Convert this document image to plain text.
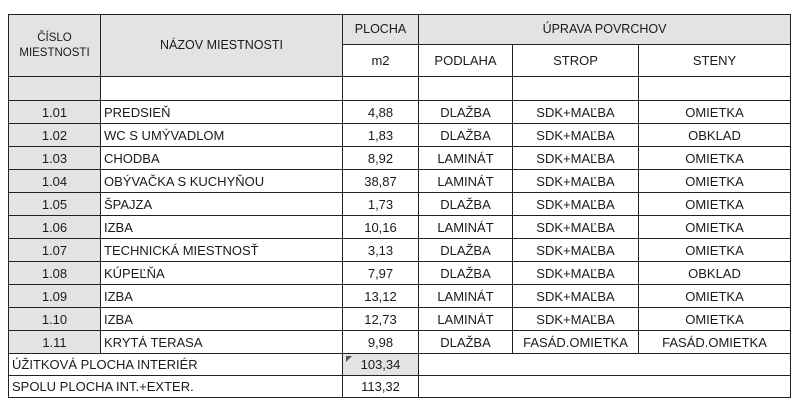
ČÍSLO
MIESTNOSTI	NÁZOV MIESTNOSTI	PLOCHA	ÚPRAVA POVRCHOV		
		m2	PODLAHA	STROP	STENY

1.01	PREDSIEŇ	4,88	DLAŽBA	SDK+MAĽBA	OMIETKA
1.02	WC S UMÝVADLOM	1,83	DLAŽBA	SDK+MAĽBA	OBKLAD
1.03	CHODBA	8,92	LAMINÁT	SDK+MAĽBA	OMIETKA
1.04	OBÝVAČKA S KUCHYŇOU	38,87	LAMINÁT	SDK+MAĽBA	OMIETKA
1.05	ŠPAJZA	1,73	DLAŽBA	SDK+MAĽBA	OMIETKA
1.06	IZBA	10,16	LAMINÁT	SDK+MAĽBA	OMIETKA
1.07	TECHNICKÁ MIESTNOSŤ	3,13	DLAŽBA	SDK+MAĽBA	OMIETKA
1.08	KÚPEĽŇA	7,97	DLAŽBA	SDK+MAĽBA	OBKLAD
1.09	IZBA	13,12	LAMINÁT	SDK+MAĽBA	OMIETKA
1.10	IZBA	12,73	LAMINÁT	SDK+MAĽBA	OMIETKA
1.11	KRYTÁ TERASA	9,98	DLAŽBA	FASÁD.OMIETKA	FASÁD.OMIETKA
ÚŽITKOVÁ PLOCHA INTERIÉR		103,34			
SPOLU PLOCHA INT.+EXTER.		113,32			
